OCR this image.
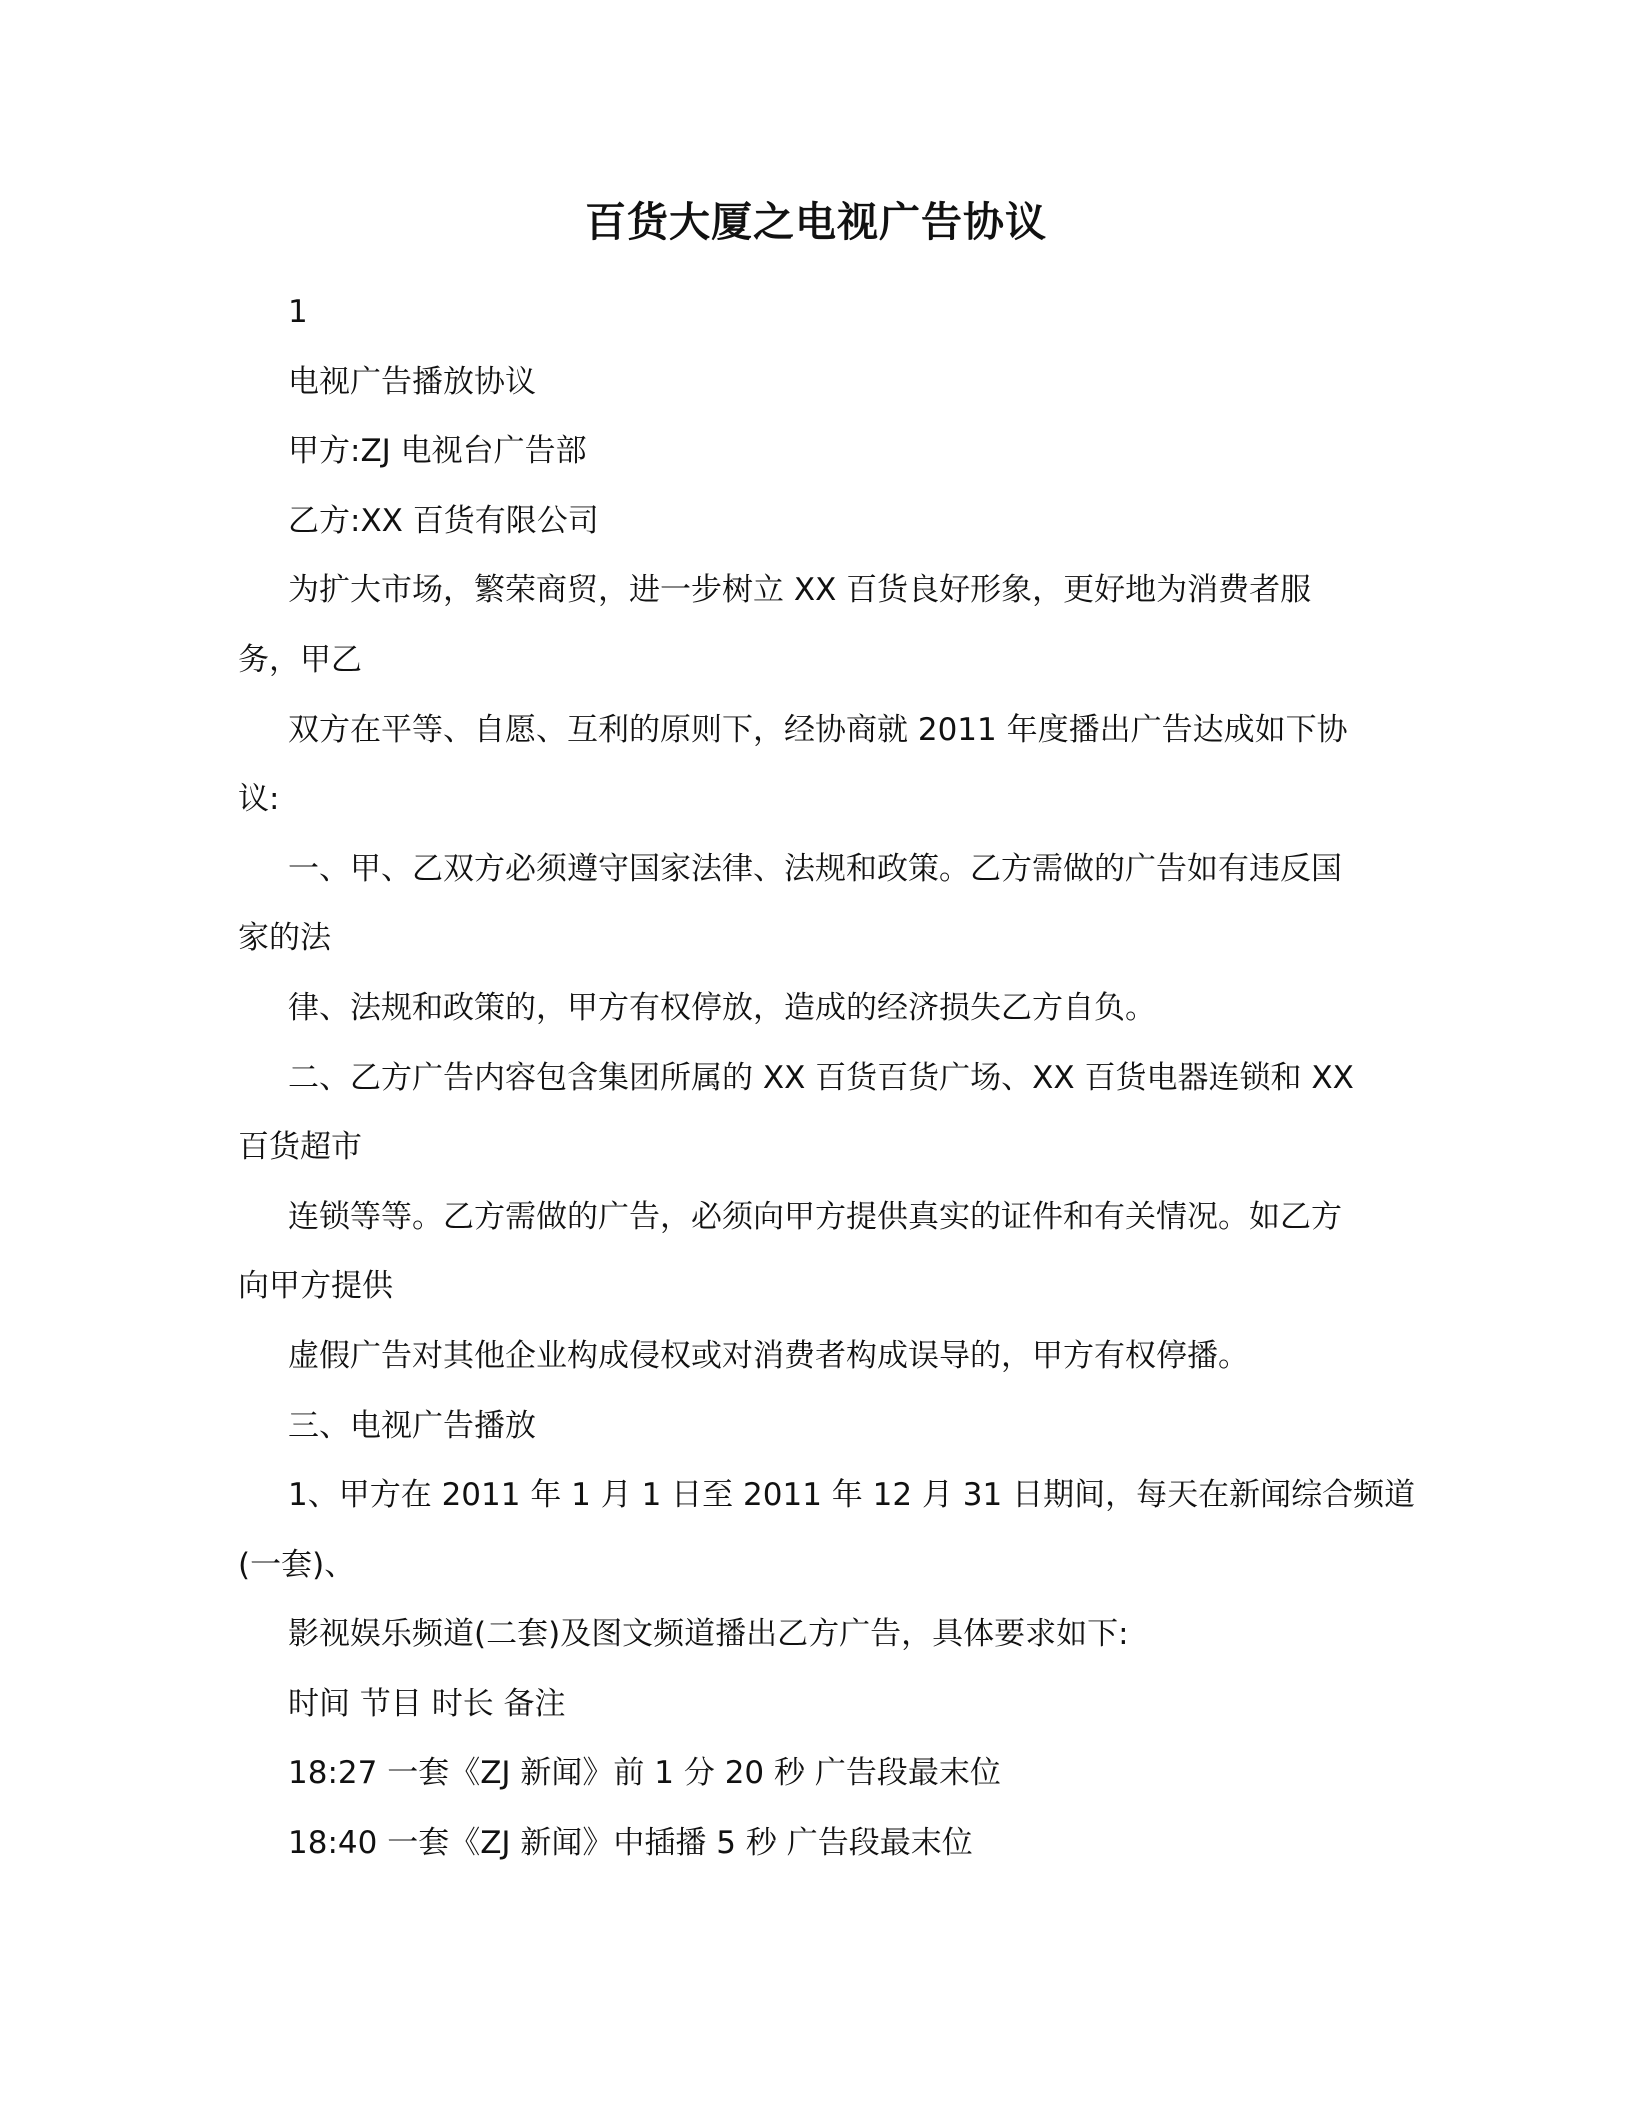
百货大厦之电视广告协议

1

电视广告播放协议

甲方:ZJ 电视台广告部

乙方:XX 百货有限公司

为扩大市场，繁荣商贸，进一步树立 XX 百货良好形象，更好地为消费者服

务，甲乙

双方在平等、自愿、互利的原则下，经协商就 2011 年度播出广告达成如下协

议:

一、甲、乙双方必须遵守国家法律、法规和政策。乙方需做的广告如有违反国

家的法

律、法规和政策的，甲方有权停放，造成的经济损失乙方自负。

二、乙方广告内容包含集团所属的 XX 百货百货广场、XX 百货电器连锁和 XX

百货超市

连锁等等。乙方需做的广告，必须向甲方提供真实的证件和有关情况。如乙方

向甲方提供

虚假广告对其他企业构成侵权或对消费者构成误导的，甲方有权停播。

三、电视广告播放

1、甲方在 2011 年 1 月 1 日至 2011 年 12 月 31 日期间，每天在新闻综合频道

(一套)、

影视娱乐频道(二套)及图文频道播出乙方广告，具体要求如下:

时间 节目 时长 备注

18:27 一套《ZJ 新闻》前 1 分 20 秒 广告段最末位

18:40 一套《ZJ 新闻》中插播 5 秒 广告段最末位
